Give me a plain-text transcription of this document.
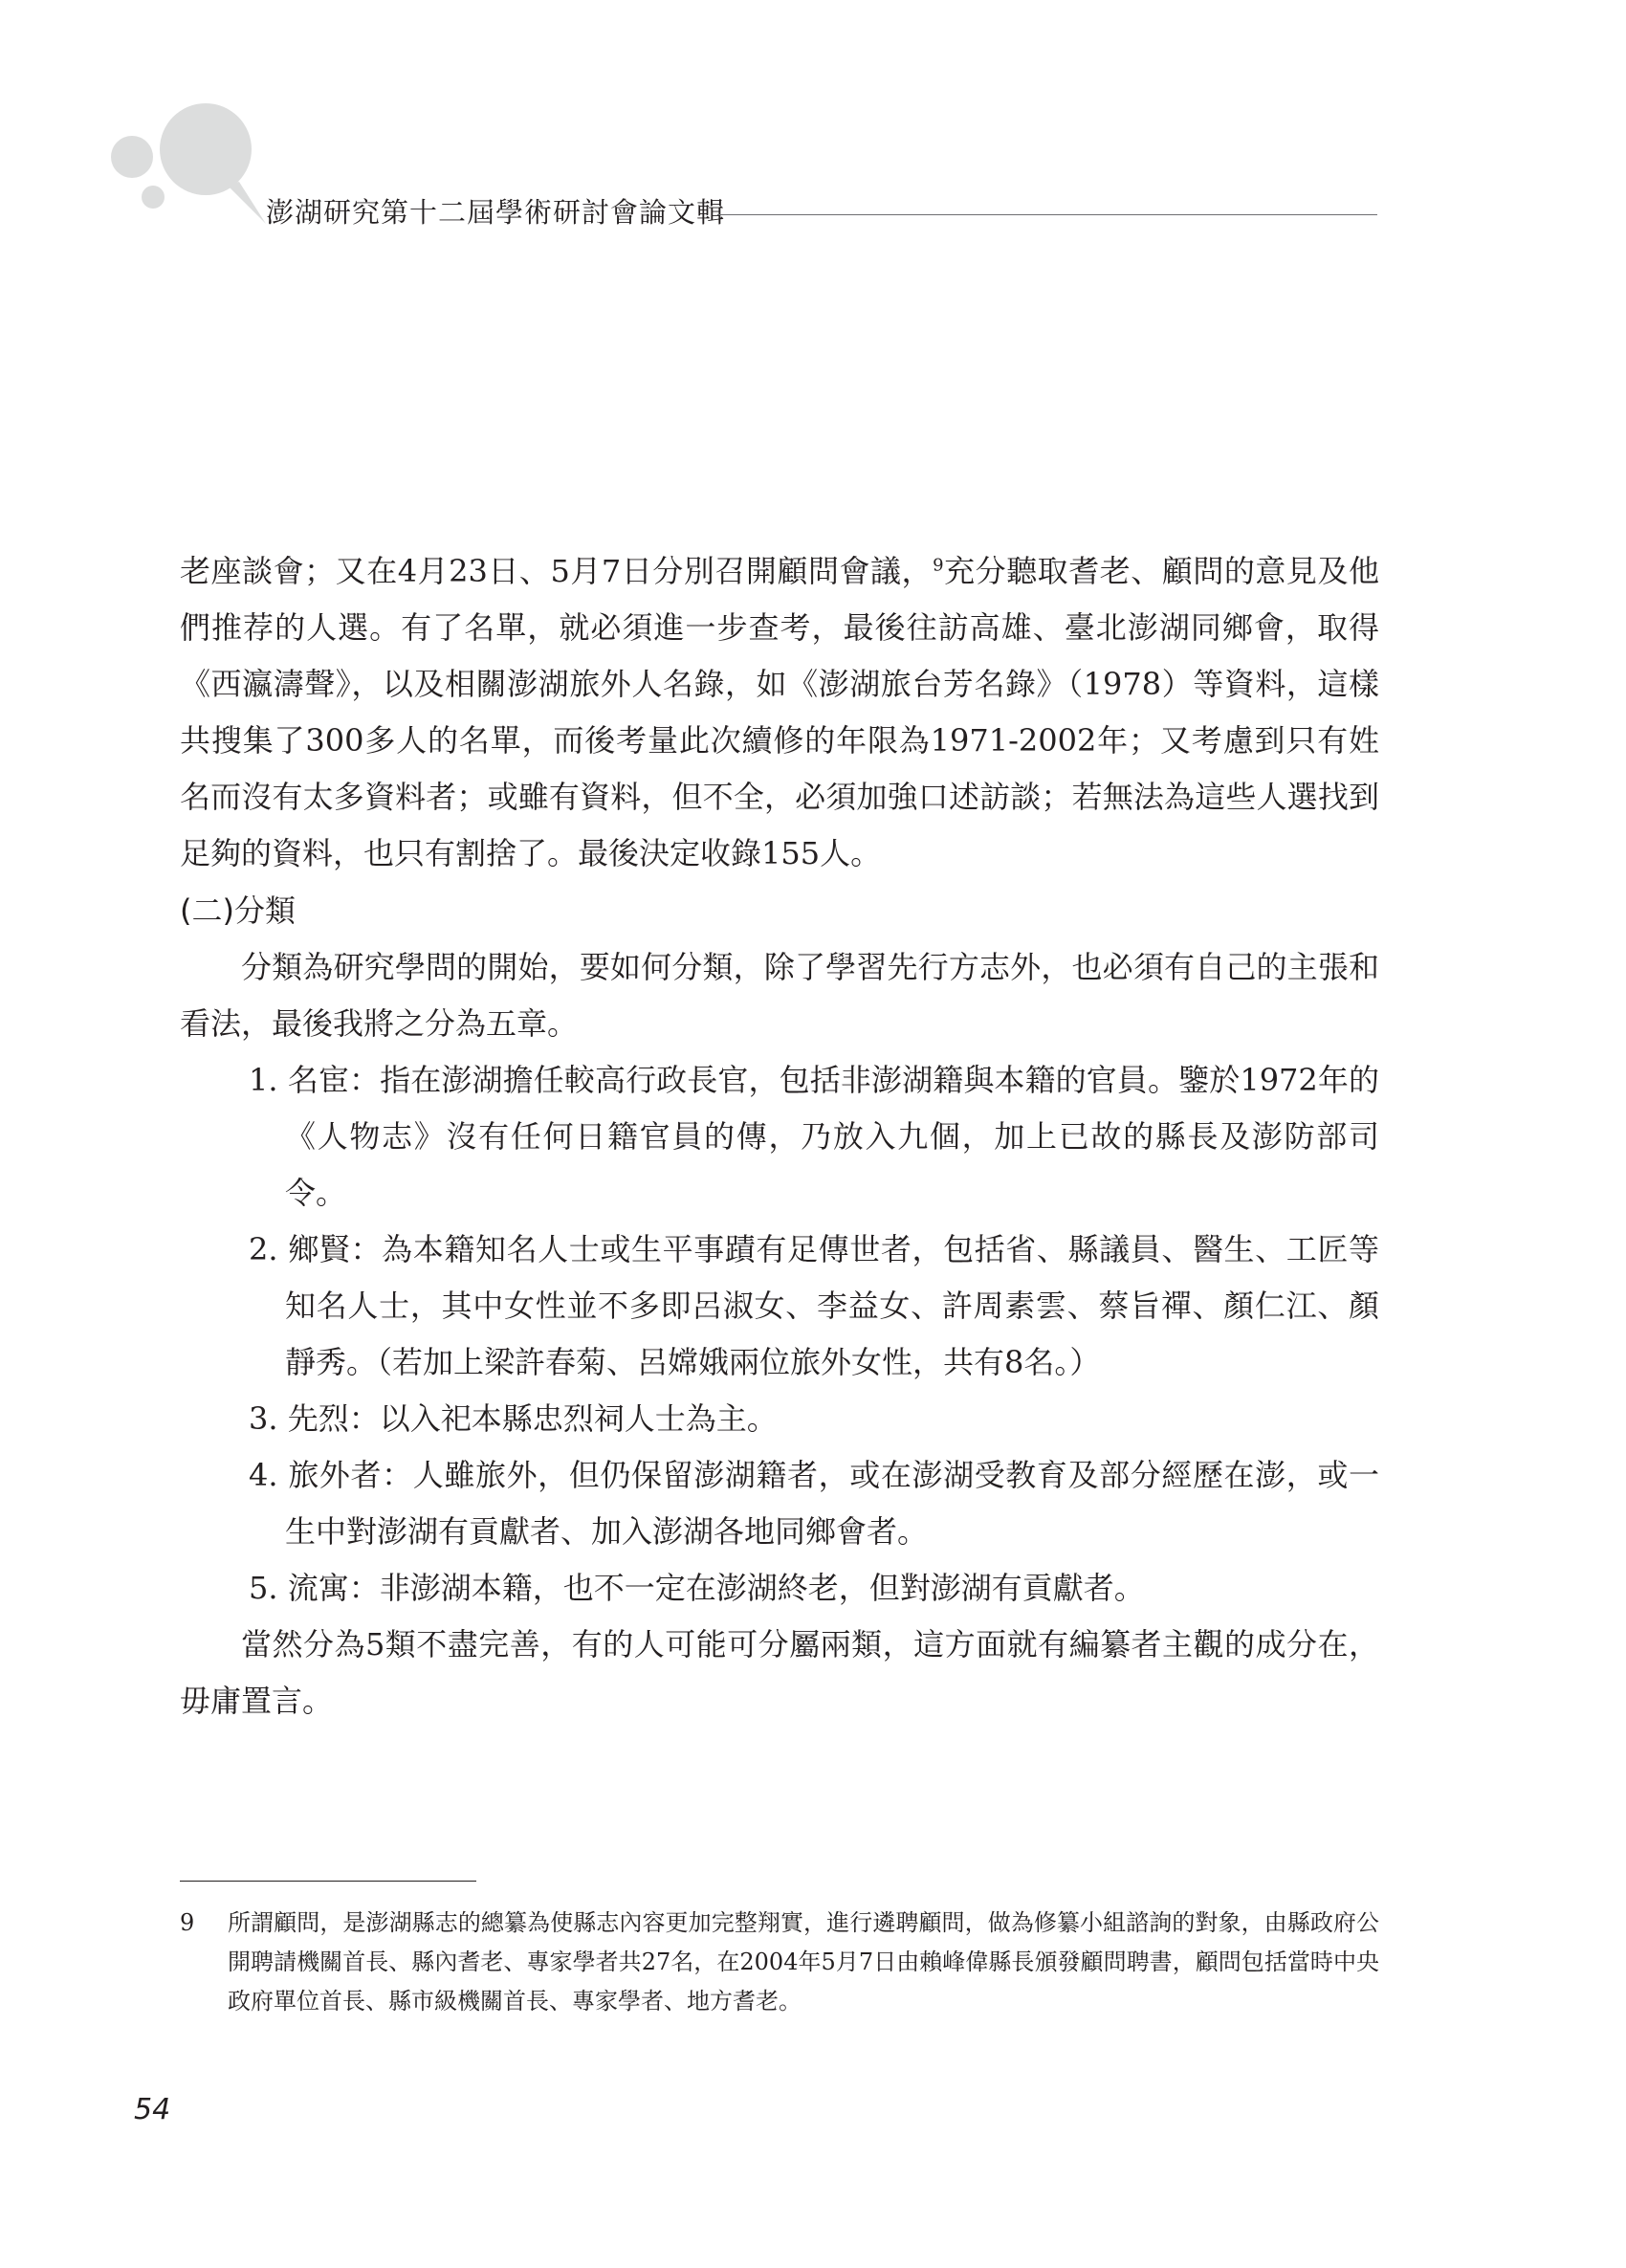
澎湖研究第十二屆學術研討會論文輯

老座談會；又在4月23日、5月7日分別召開顧問會議，$^9$充分聽取耆老、顧問的意見及他們推荐的人選。有了名單，就必須進一步查考，最後往訪高雄、臺北澎湖同鄉會，取得《西瀛濤聲》，以及相關澎湖旅外人名錄，如《澎湖旅台芳名錄》（1978）等資料，這樣共搜集了300多人的名單，而後考量此次續修的年限為1971-2002年；又考慮到只有姓名而沒有太多資料者；或雖有資料，但不全，必須加強口述訪談；若無法為這些人選找到足夠的資料，也只有割捨了。最後決定收錄155人。

(二)分類

分類為研究學問的開始，要如何分類，除了學習先行方志外，也必須有自己的主張和看法，最後我將之分為五章。

1. 名宦：指在澎湖擔任較高行政長官，包括非澎湖籍與本籍的官員。鑒於1972年的《人物志》沒有任何日籍官員的傳，乃放入九個，加上已故的縣長及澎防部司令。

2. 鄉賢：為本籍知名人士或生平事蹟有足傳世者，包括省、縣議員、醫生、工匠等知名人士，其中女性並不多即呂淑女、李益女、許周素雲、蔡旨禪、顏仁江、顏靜秀。（若加上梁許春菊、呂嫦娥兩位旅外女性，共有8名。）

3. 先烈：以入祀本縣忠烈祠人士為主。

4. 旅外者：人雖旅外，但仍保留澎湖籍者，或在澎湖受教育及部分經歷在澎，或一生中對澎湖有貢獻者、加入澎湖各地同鄉會者。

5. 流寓：非澎湖本籍，也不一定在澎湖終老，但對澎湖有貢獻者。

當然分為5類不盡完善，有的人可能可分屬兩類，這方面就有編纂者主觀的成分在，毋庸置言。

9 所謂顧問，是澎湖縣志的總纂為使縣志內容更加完整翔實，進行遴聘顧問，做為修纂小組諮詢的對象，由縣政府公開聘請機關首長、縣內耆老、專家學者共27名，在2004年5月7日由賴峰偉縣長頒發顧問聘書，顧問包括當時中央政府單位首長、縣市級機關首長、專家學者、地方耆老。
54
